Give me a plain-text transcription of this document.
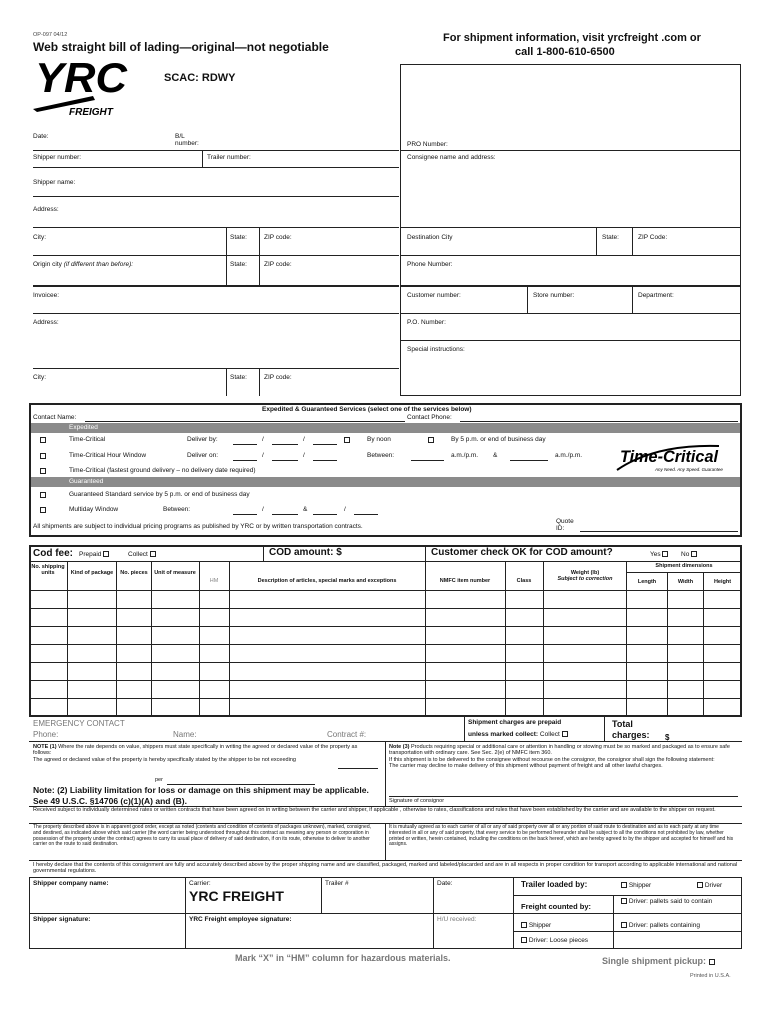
OP-097 04/12
Web straight bill of lading—original—not negotiable
For shipment information, visit yrcfreight .com or
call 1-800-610-6500
YRC
FREIGHT
SCAC: RDWY
Date:	B/L
number:
Shipper number:	Trailer number:
Shipper name:
Address:
City:	State:	ZIP code:
Origin city (if different than before):	State:	ZIP code:
Invoicee:
Address:
City:	State:	ZIP code:
PRO Number:
Consignee name and address:
Destination City	State:	ZIP Code:
Phone Number:
Customer number:	Store number:	Department:
P.O. Number:
Special instructions:
Expedited & Guaranteed Services (select one of the services below)
Contact Name:	Contact Phone:
Expedited
Time-Critical	Deliver by:	/	/	By noon	By 5 p.m. or end of business day
Time-Critical Hour Window	Deliver on:	/	/	Between:	a.m./p.m. &	a.m./p.m.
Time-Critical (fastest ground delivery – no delivery date required)
Time-Critical
Any Need. Any Speed. Guaranteed.
Guaranteed
Guaranteed Standard service by 5 p.m. or end of business day
Multiday Window	Between:	/	&	/
All shipments are subject to individual pricing programs as published by YRC or by written transportation contracts.
Quote
ID:
Cod fee: Prepaid	Collect	COD amount: $	Customer check OK for COD amount?	Yes	No
No. shipping units	Kind of package	No. pieces	Unit of measure
HM	Description of articles, special marks and exceptions	NMFC item number	Class
Weight (lb)
Subject to correction
Shipment dimensions
Length	Width	Height
EMERGENCY CONTACT
Phone:	Name:	Contract #:
Shipment charges are prepaid
unless marked collect: Collect
Total
charges: $
NOTE (1) Where the rate depends on value, shippers must state specifically in writing the agreed or declared value of the property as follows:
The agreed or declared value of the property is hereby specifically stated by the shipper to be not exceeding
per
Note: (2) Liability limitation for loss or damage on this shipment may be applicable. See 49 U.S.C. §14706 (c)(1)(A) and (B).
Note (3) Products requiring special or additional care or attention in handling or stowing must be so marked and packaged as to ensure safe transportation with ordinary care. See Sec. 2(e) of NMFC item 360.
If this shipment is to be delivered to the consignee without recourse on the consignor, the consignor shall sign the following statement:
The carrier may decline to make delivery of this shipment without payment of freight and all other lawful charges.
Signature of consignor
Received subject to individually determined rates or written contracts that have been agreed on in writing between the carrier and shipper, if applicable , otherwise to rates, classifications and rules that have been established by the carrier and are available to the shipper on request.
The property described above is in apparent good order, except as noted (contents and condition of contents of packages unknown), marked, consigned, and destined, as indicated above which said carrier (the word carrier being understood throughout this contract as meaning any person or corporation in possession of the property under the contract) agrees to carry its usual place of delivery of said destination, if on its route, otherwise to deliver to another carrier on the route to said destination.
It is mutually agreed as to each carrier of all or any of said property over all or any portion of said route to destination and as to each party at any time interested in all or any of said property, that every service to be performed hereunder shall be subject to all the conditions not prohibited by law, whether printed or written, herein contained, including the conditions on the back hereof, which are hereby agreed to by the shipper and accepted for himself and his assigns.
I hereby declare that the contents of this consignment are fully and accurately described above by the proper shipping name and are classified, packaged, marked and labeled/placarded and are in all respects in proper condition for transport according to applicable international and national governmental regulations.
Shipper company name:	Carrier:
YRC FREIGHT
Trailer #	Date:	Trailer loaded by:	Shipper	Driver
Freight counted by:
Driver: pallets said to contain
Shipper signature:	YRC Freight employee signature:	H/U received:
Shipper	Driver: pallets containing
Driver: Loose pieces
Mark “X” in “HM” column for hazardous materials.	Single shipment pickup:
Printed in U.S.A.
